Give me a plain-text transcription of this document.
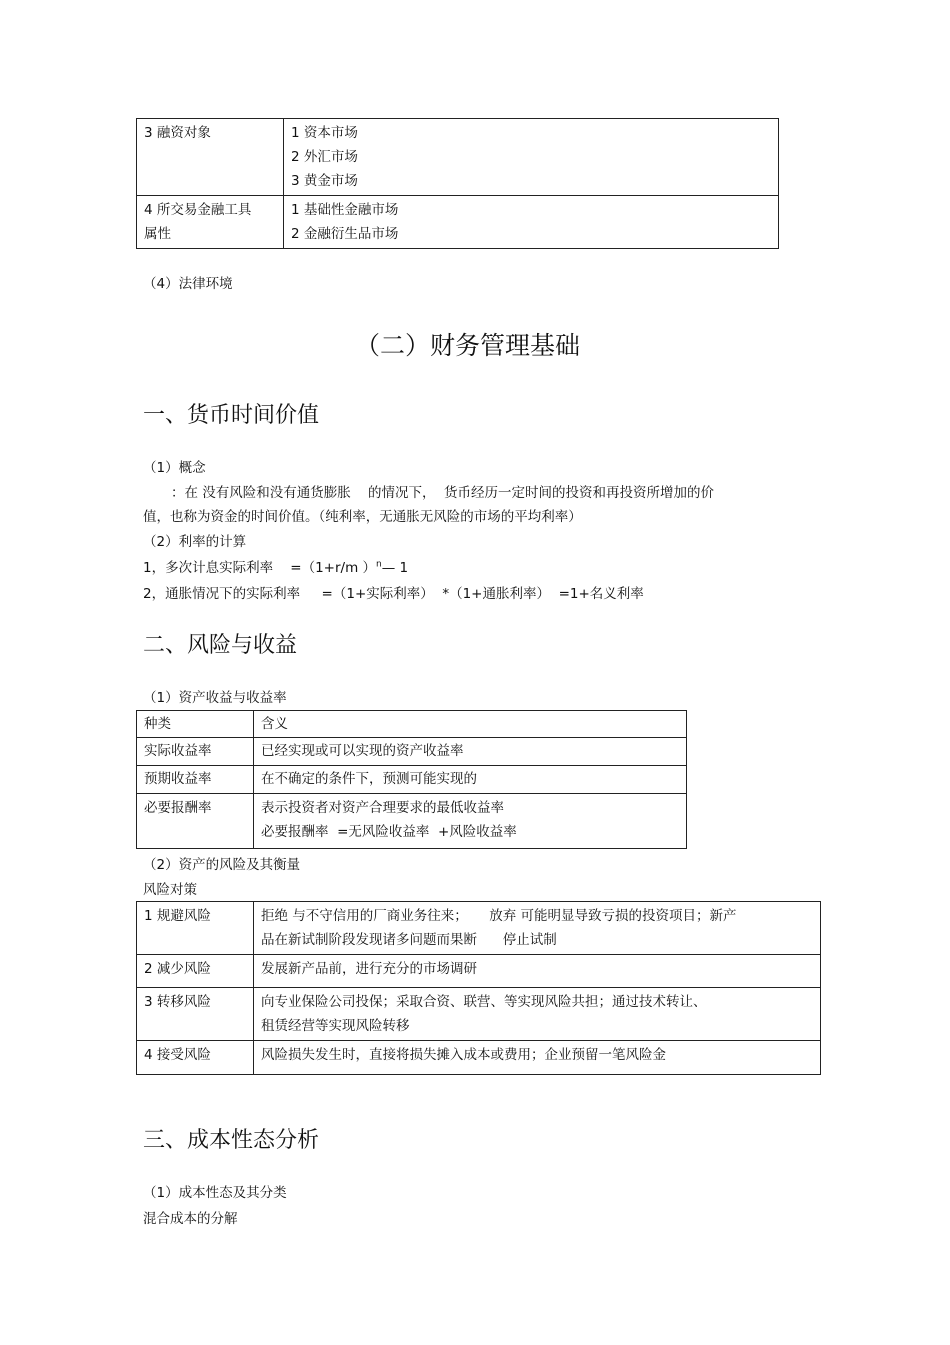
3 融资对象	1 资本市场
2 外汇市场
3 黄金市场

4 所交易金融工具
属性	1 基础性金融市场
2 金融衍生品市场
（4）法律环境
（二）财务管理基础
一、货币时间价值
（1）概念
：在 没有风险和没有通货膨胀    的情况下，  货币经历一定时间的投资和再投资所增加的价
值，也称为资金的时间价值。（纯利率，无通胀无风险的市场的平均利率）
（2）利率的计算
1，多次计息实际利率    =（1+r/m ）$^n$— 1
2，通胀情况下的实际利率     =（1+实际利率）  *（1+通胀利率）  =1+名义利率
二、风险与收益
（1）资产收益与收益率
种类	含义
实际收益率	已经实现或可以实现的资产收益率

预期收益率	在不确定的条件下，预测可能实现的

必要报酬率	表示投资者对资产合理要求的最低收益率
必要报酬率  =无风险收益率  +风险收益率
（2）资产的风险及其衡量
风险对策
1 规避风险	拒绝 与不守信用的厂商业务往来；     放弃 可能明显导致亏损的投资项目；新产
品在新试制阶段发现诸多问题而果断      停止试制

2 减少风险	发展新产品前，进行充分的市场调研

3 转移风险	向专业保险公司投保；采取合资、联营、等实现风险共担；通过技术转让、
租赁经营等实现风险转移

4 接受风险	风险损失发生时，直接将损失摊入成本或费用；企业预留一笔风险金
三、成本性态分析
（1）成本性态及其分类
混合成本的分解
